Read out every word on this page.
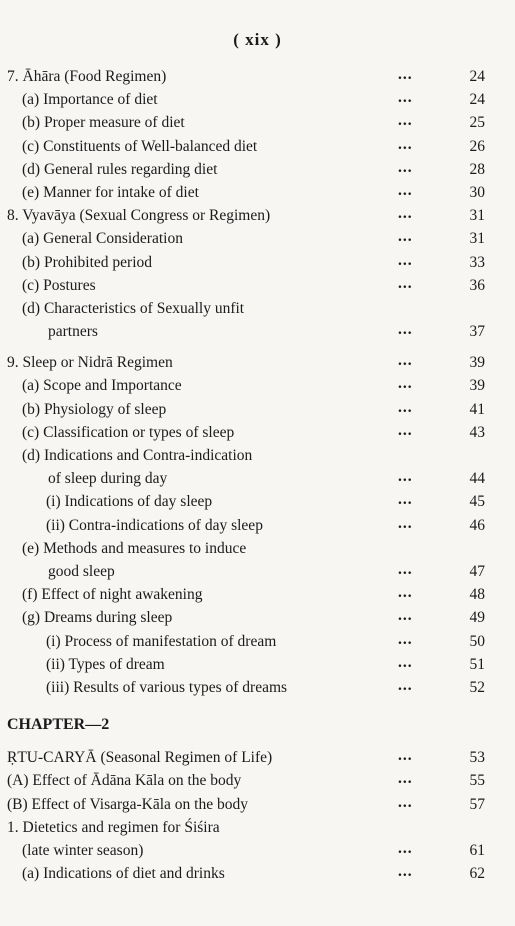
( xix )
7. Āhāra (Food Regimen)	...	24
(a) Importance of diet	...	24
(b) Proper measure of diet	...	25
(c) Constituents of Well-balanced diet	...	26
(d) General rules regarding diet	...	28
(e) Manner for intake of diet	...	30
8. Vyavāya (Sexual Congress or Regimen)	...	31
(a) General Consideration	...	31
(b) Prohibited period	...	33
(c) Postures	...	36
(d) Characteristics of Sexually unfit
partners	...	37
9. Sleep or Nidrā Regimen	...	39
(a) Scope and Importance	...	39
(b) Physiology of sleep	...	41
(c) Classification or types of sleep	...	43
(d) Indications and Contra-indication
of sleep during day	...	44
(i) Indications of day sleep	...	45
(ii) Contra-indications of day sleep	...	46
(e) Methods and measures to induce
good sleep	...	47
(f) Effect of night awakening	...	48
(g) Dreams during sleep	...	49
(i) Process of manifestation of dream	...	50
(ii) Types of dream	...	51
(iii) Results of various types of dreams	...	52
CHAPTER—2
ṚTU-CARYĀ (Seasonal Regimen of Life)	...	53
(A) Effect of Ādāna Kāla on the body	...	55
(B) Effect of Visarga-Kāla on the body	...	57
1. Dietetics and regimen for Śiśira
(late winter season)	...	61
(a) Indications of diet and drinks	...	62
